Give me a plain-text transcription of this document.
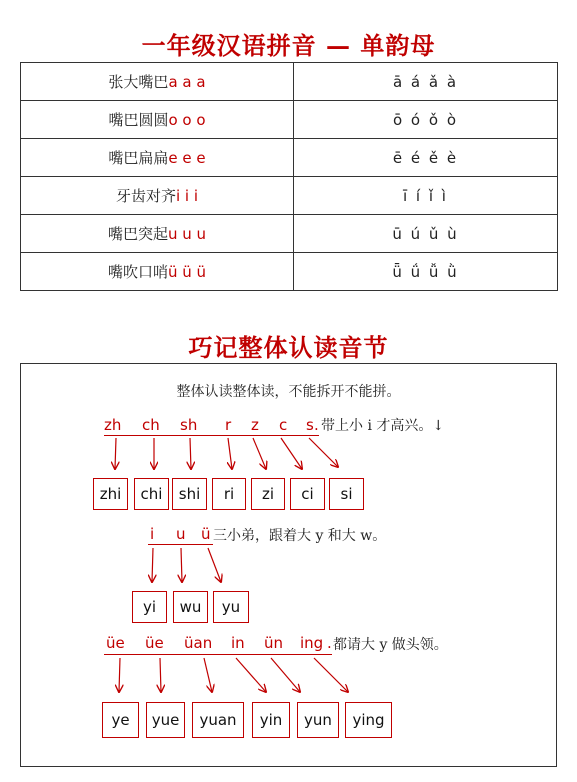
一年级汉语拼音 — 单韵母
张大嘴巴a a a	ā á ǎ à
嘴巴圆圆o o o	ō ó ǒ ò
嘴巴扁扁e e e	ē é ě è
牙齿对齐i i i	ī í ǐ ì
嘴巴突起u u u	ū ú ǔ ù
嘴吹口哨ü ü ü	ǖ ǘ ǚ ǜ
巧记整体认读音节
整体认读整体读，不能拆开不能拼。
zh ch sh r z c s . 带上小 i 才高兴。↓
zhi	chi	shi	ri	zi	ci	si
i u ü 三小弟，跟着大 y 和大 w。
yi	wu	yu
üe üe üan in ün ing . 都请大 y 做头领。
ye	yue	yuan	yin	yun	ying
